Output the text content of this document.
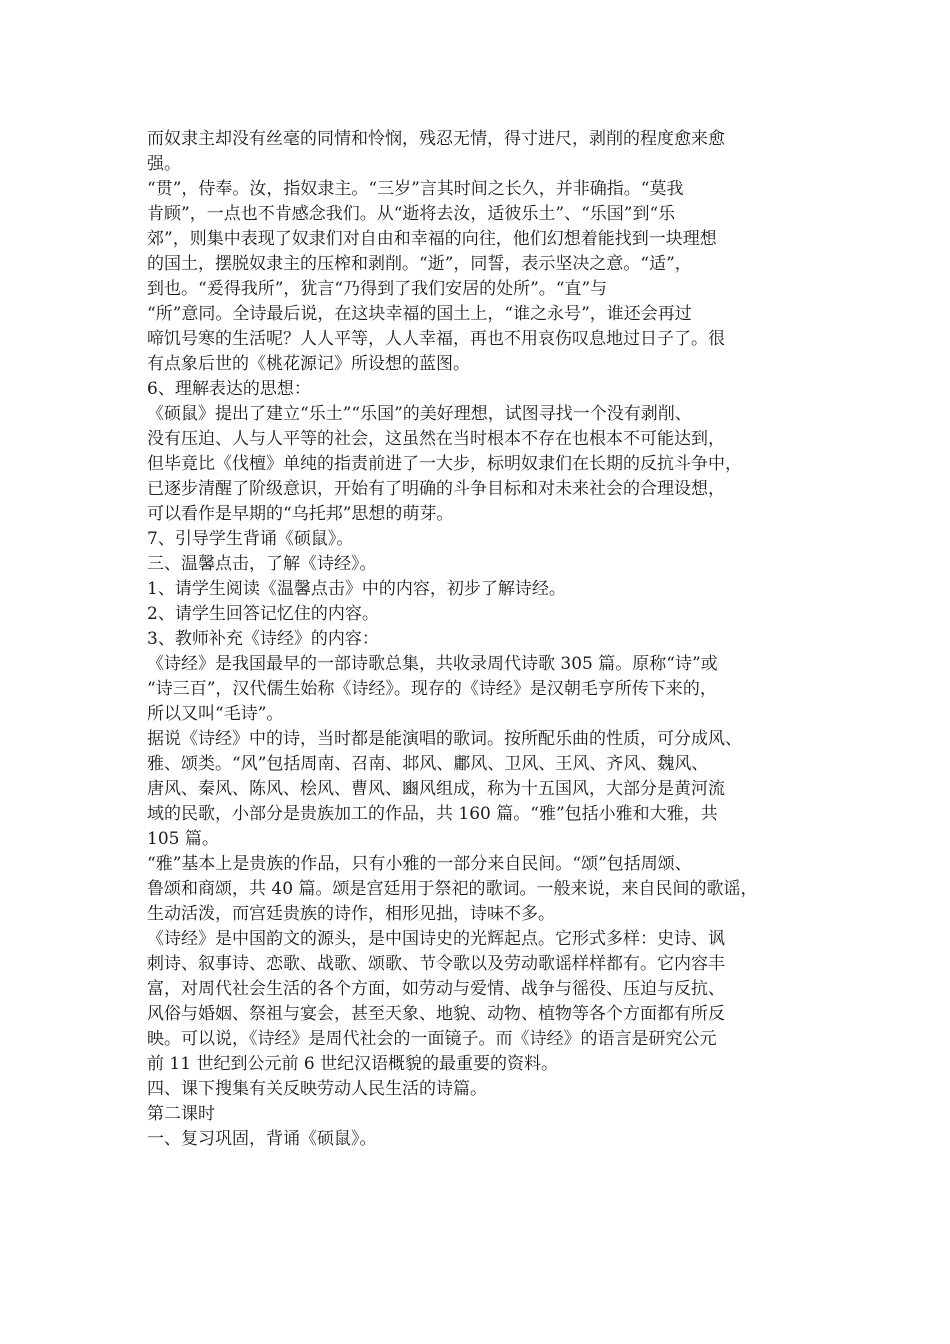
而奴隶主却没有丝毫的同情和怜悯，残忍无情，得寸进尺，剥削的程度愈来愈
强。
“贯”，侍奉。汝，指奴隶主。“三岁”言其时间之长久，并非确指。“莫我
肯顾”，一点也不肯感念我们。从“逝将去汝，适彼乐土”、“乐国”到“乐
郊”，则集中表现了奴隶们对自由和幸福的向往，他们幻想着能找到一块理想
的国土，摆脱奴隶主的压榨和剥削。“逝”，同誓，表示坚决之意。“适”，
到也。“爰得我所”，犹言“乃得到了我们安居的处所”。“直”与
“所”意同。全诗最后说，在这块幸福的国土上，“谁之永号”，谁还会再过
啼饥号寒的生活呢？人人平等，人人幸福，再也不用哀伤叹息地过日子了。很
有点象后世的《桃花源记》所设想的蓝图。
6、理解表达的思想：
《硕鼠》提出了建立“乐土”“乐国”的美好理想，试图寻找一个没有剥削、
没有压迫、人与人平等的社会，这虽然在当时根本不存在也根本不可能达到，
但毕竟比《伐檀》单纯的指责前进了一大步，标明奴隶们在长期的反抗斗争中，
已逐步清醒了阶级意识，开始有了明确的斗争目标和对未来社会的合理设想，
可以看作是早期的“乌托邦”思想的萌芽。
7、引导学生背诵《硕鼠》。
三、温馨点击，了解《诗经》。
1、请学生阅读《温馨点击》中的内容，初步了解诗经。
2、请学生回答记忆住的内容。
3、教师补充《诗经》的内容：
《诗经》是我国最早的一部诗歌总集，共收录周代诗歌 305 篇。原称“诗”或
“诗三百”，汉代儒生始称《诗经》。现存的《诗经》是汉朝毛亨所传下来的，
所以又叫“毛诗”。
据说《诗经》中的诗，当时都是能演唱的歌词。按所配乐曲的性质，可分成风、
雅、颂类。“风”包括周南、召南、邶风、鄘风、卫风、王风、齐风、魏风、
唐风、秦风、陈风、桧风、曹风、豳风组成，称为十五国风，大部分是黄河流
域的民歌，小部分是贵族加工的作品，共 160 篇。“雅”包括小雅和大雅，共
105 篇。
“雅”基本上是贵族的作品，只有小雅的一部分来自民间。“颂”包括周颂、
鲁颂和商颂，共 40 篇。颂是宫廷用于祭祀的歌词。一般来说，来自民间的歌谣，
生动活泼，而宫廷贵族的诗作，相形见拙，诗味不多。
《诗经》是中国韵文的源头，是中国诗史的光辉起点。它形式多样：史诗、讽
刺诗、叙事诗、恋歌、战歌、颂歌、节令歌以及劳动歌谣样样都有。它内容丰
富，对周代社会生活的各个方面，如劳动与爱情、战争与徭役、压迫与反抗、
风俗与婚姻、祭祖与宴会，甚至天象、地貌、动物、植物等各个方面都有所反
映。可以说，《诗经》是周代社会的一面镜子。而《诗经》的语言是研究公元
前 11 世纪到公元前 6 世纪汉语概貌的最重要的资料。
四、课下搜集有关反映劳动人民生活的诗篇。
第二课时
一、复习巩固，背诵《硕鼠》。
